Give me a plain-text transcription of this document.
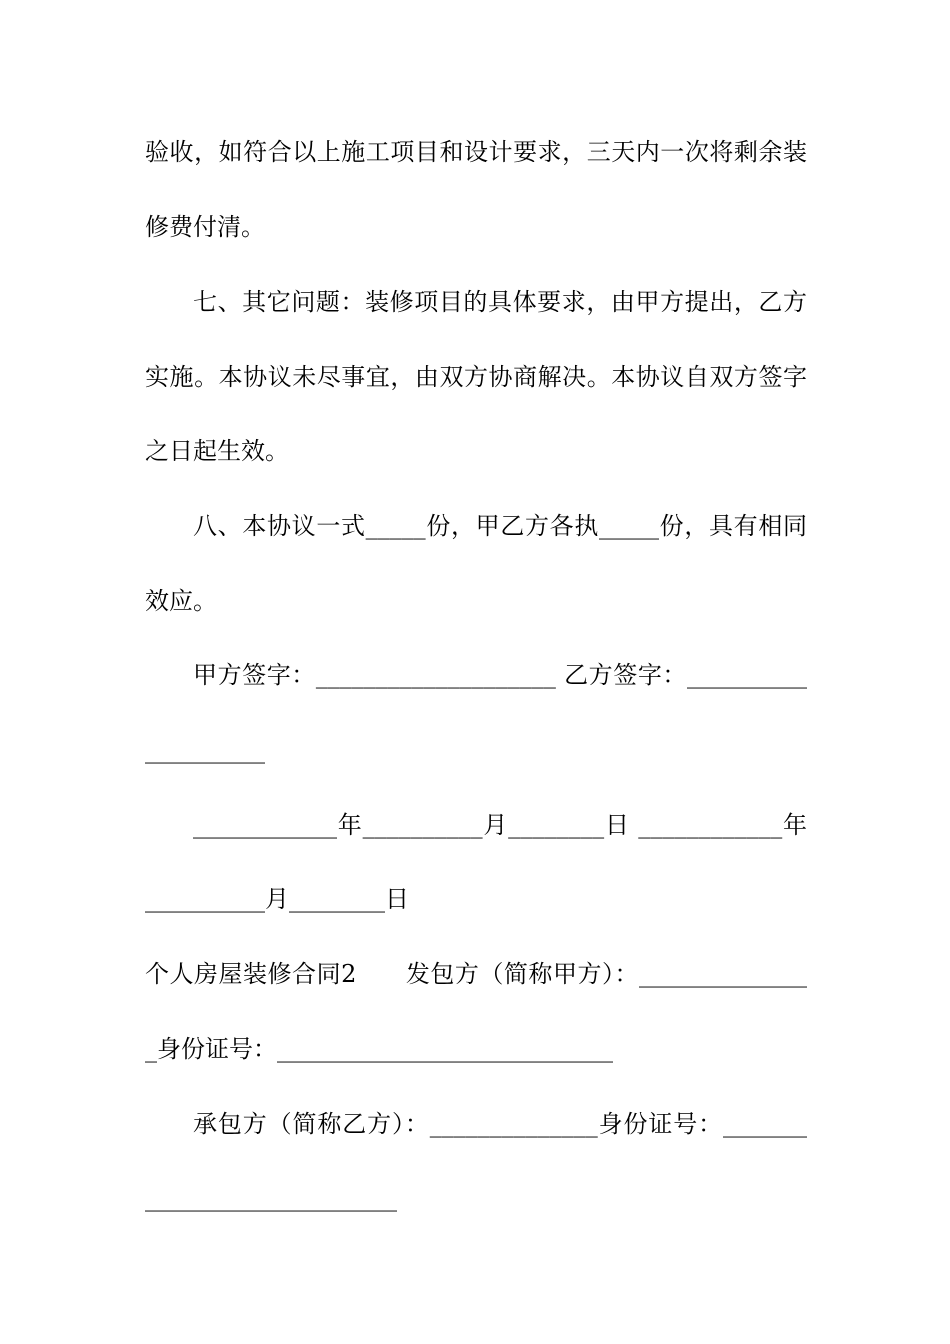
验收，如符合以上施工项目和设计要求，三天内一次将剩余装
修费付清。
七、其它问题：装修项目的具体要求，由甲方提出，乙方
实施。本协议未尽事宜，由双方协商解决。本协议自双方签字
之日起生效。
八、本协议一式_____份，甲乙方各执_____份，具有相同
效应。
甲方签字：____________________ 乙方签字：__________
__________
____________年__________月________日 ____________年
__________月________日
个人房屋装修合同2　　发包方（简称甲方）：______________
_身份证号：____________________________
承包方（简称乙方）：______________身份证号：_______
_____________________
